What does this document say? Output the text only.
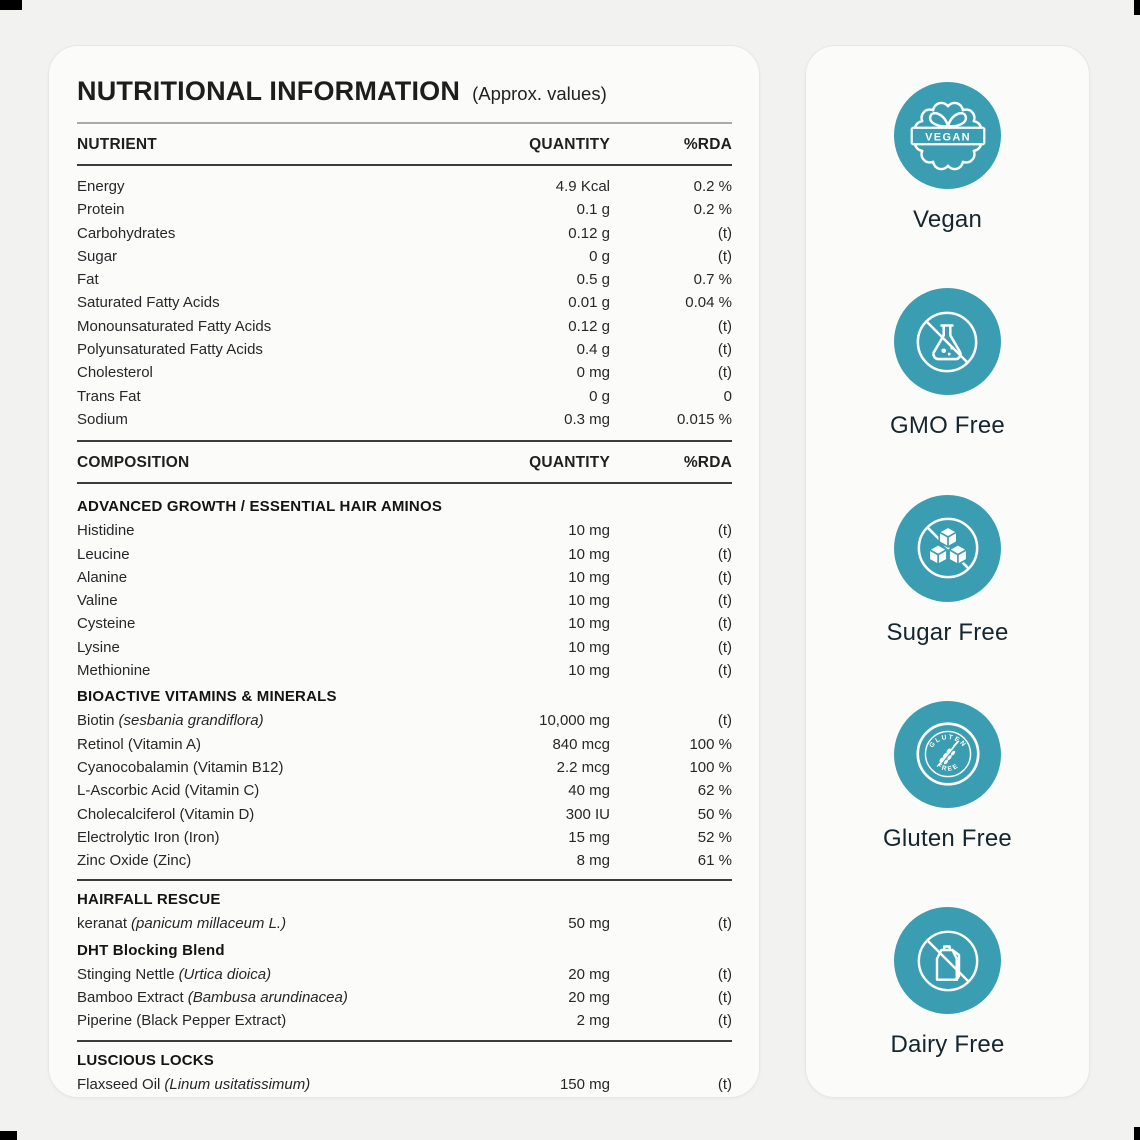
NUTRITIONAL INFORMATION (Approx. values)
NUTRIENT	QUANTITY	%RDA
Energy	4.9 Kcal	0.2 %
Protein	0.1 g	0.2 %
Carbohydrates	0.12 g	(t)
Sugar	0 g	(t)
Fat	0.5 g	0.7 %
Saturated Fatty Acids	0.01 g	0.04 %
Monounsaturated Fatty Acids	0.12 g	(t)
Polyunsaturated Fatty Acids	0.4 g	(t)
Cholesterol	0 mg	(t)
Trans Fat	0 g	0
Sodium	0.3 mg	0.015 %
COMPOSITION	QUANTITY	%RDA
ADVANCED GROWTH / ESSENTIAL HAIR AMINOS
Histidine	10 mg	(t)
Leucine	10 mg	(t)
Alanine	10 mg	(t)
Valine	10 mg	(t)
Cysteine	10 mg	(t)
Lysine	10 mg	(t)
Methionine	10 mg	(t)
BIOACTIVE VITAMINS & MINERALS
Biotin (sesbania grandiflora)	10,000 mg	(t)
Retinol (Vitamin A)	840 mcg	100 %
Cyanocobalamin (Vitamin B12)	2.2 mcg	100 %
L-Ascorbic Acid (Vitamin C)	40 mg	62 %
Cholecalciferol (Vitamin D)	300 IU	50 %
Electrolytic Iron (Iron)	15 mg	52 %
Zinc Oxide (Zinc)	8 mg	61 %
HAIRFALL RESCUE
keranat (panicum millaceum L.)	50 mg	(t)
DHT Blocking Blend
Stinging Nettle (Urtica dioica)	20 mg	(t)
Bamboo Extract (Bambusa arundinacea)	20 mg	(t)
Piperine (Black Pepper Extract)	2 mg	(t)
LUSCIOUS LOCKS
Flaxseed Oil (Linum usitatissimum)	150 mg	(t)
VEGAN
Vegan
GMO Free
Sugar Free
GLUTEN
FREE
Gluten Free
Dairy Free
